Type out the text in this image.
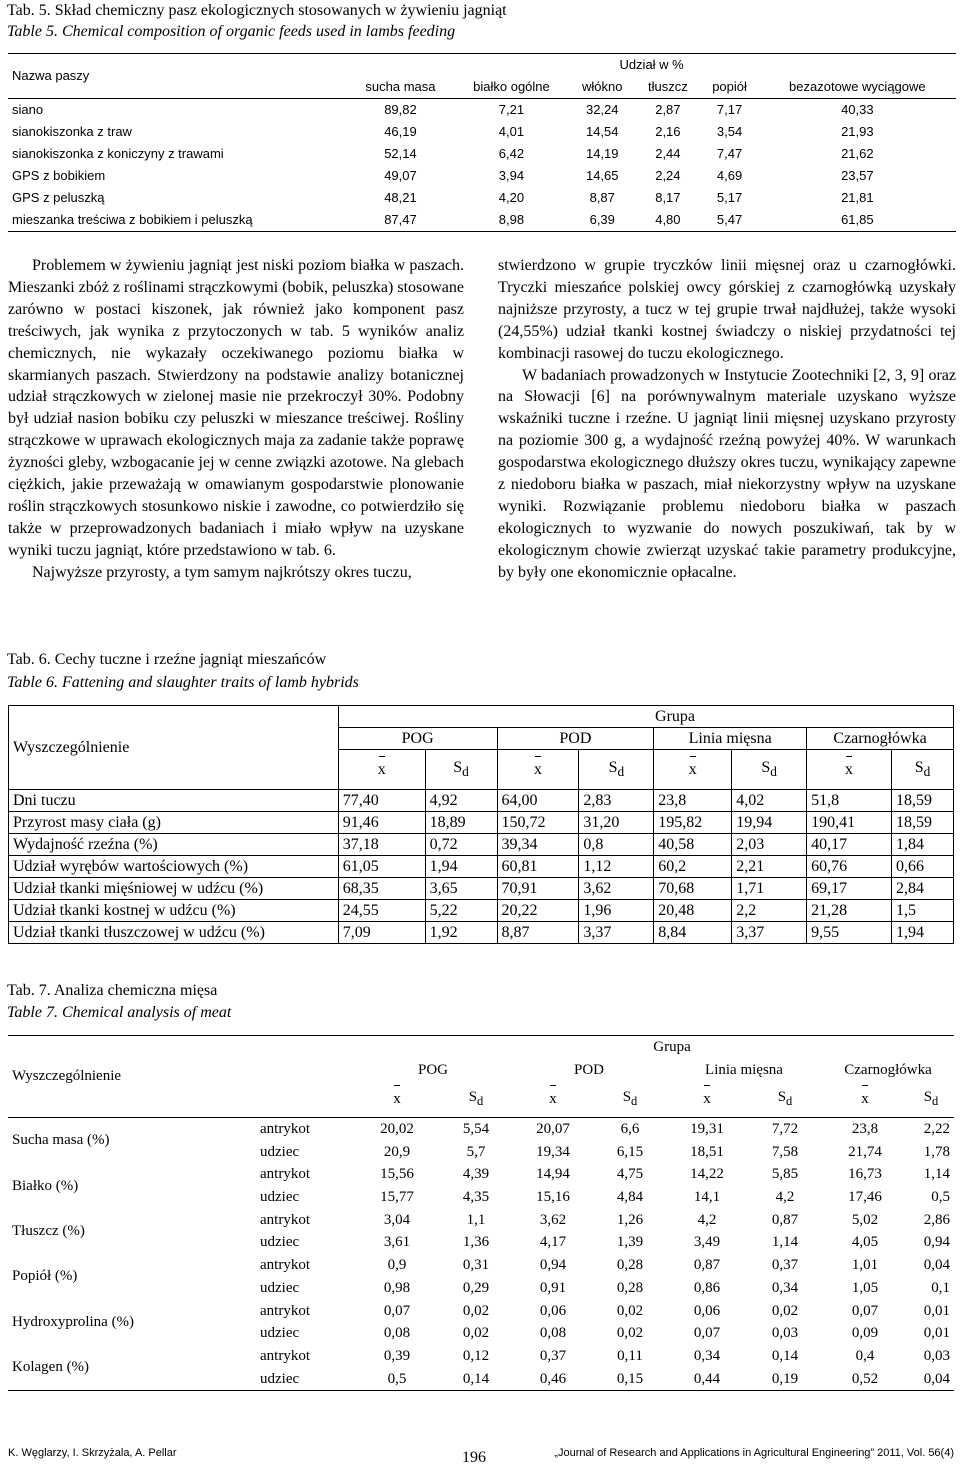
Tab. 5. Skład chemiczny pasz ekologicznych stosowanych w żywieniu jagniąt
Table 5. Chemical composition of organic feeds used in lambs feeding
Nazwa paszy	Udział w %					
	sucha masa	białko ogólne	włókno	tłuszcz	popiół	bezazotowe wyciągowe
siano	89,82	7,21	32,24	2,87	7,17	40,33
sianokiszonka z traw	46,19	4,01	14,54	2,16	3,54	21,93
sianokiszonka z koniczyny z trawami	52,14	6,42	14,19	2,44	7,47	21,62
GPS z bobikiem	49,07	3,94	14,65	2,24	4,69	23,57
GPS z peluszką	48,21	4,20	8,87	8,17	5,17	21,81
mieszanka treściwa z bobikiem i peluszką	87,47	8,98	6,39	4,80	5,47	61,85

Problemem w żywieniu jagniąt jest niski poziom białka w paszach. Mieszanki zbóż z roślinami strączkowymi (bobik, peluszka) stosowane zarówno w postaci kiszonek, jak również jako komponent pasz treściwych, jak wynika z przytoczonych w tab. 5 wyników analiz chemicznych, nie wykazały oczekiwanego poziomu białka w skarmianych paszach. Stwierdzony na podstawie analizy botanicznej udział strączkowych w zielonej masie nie przekroczył 30%. Podobny był udział nasion bobiku czy peluszki w mieszance treściwej. Rośliny strączkowe w uprawach ekologicznych maja za zadanie także poprawę żyzności gleby, wzbogacanie jej w cenne związki azotowe. Na glebach ciężkich, jakie przeważają w omawianym gospodarstwie plonowanie roślin strączkowych stosunkowo niskie i zawodne, co potwierdziło się także w przeprowadzonych badaniach i miało wpływ na uzyskane wyniki tuczu jagniąt, które przedstawiono w tab. 6.

Najwyższe przyrosty, a tym samym najkrótszy okres tuczu,

stwierdzono w grupie tryczków linii mięsnej oraz u czarnogłówki. Tryczki mieszańce polskiej owcy górskiej z czarnogłówką uzyskały najniższe przyrosty, a tucz w tej grupie trwał najdłużej, także wysoki (24,55%) udział tkanki kostnej świadczy o niskiej przydatności tej kombinacji rasowej do tuczu ekologicznego.

W badaniach prowadzonych w Instytucie Zootechniki [2, 3, 9] oraz na Słowacji [6] na porównywalnym materiale uzyskano wyższe wskaźniki tuczne i rzeźne. U jagniąt linii mięsnej uzyskano przyrosty na poziomie 300 g, a wydajność rzeźną powyżej 40%. W warunkach gospodarstwa ekologicznego dłuższy okres tuczu, wynikający zapewne z niedoboru białka w paszach, miał niekorzystny wpływ na uzyskane wyniki. Rozwiązanie problemu niedoboru białka w paszach ekologicznych to wyzwanie do nowych poszukiwań, tak by w ekologicznym chowie zwierząt uzyskać takie parametry produkcyjne, by były one ekonomicznie opłacalne.

Tab. 6. Cechy tuczne i rzeźne jagniąt mieszańców
Table 6. Fattening and slaughter traits of lamb hybrids
Wyszczególnienie	Grupa							
	POG		POD		Linia mięsna		Czarnogłówka	
	x	$S_d$	x	$S_d$	x	$S_d$	x	$S_d$
Dni tuczu	77,40	4,92	64,00	2,83	23,8	4,02	51,8	18,59
Przyrost masy ciała (g)	91,46	18,89	150,72	31,20	195,82	19,94	190,41	18,59
Wydajność rzeźna (%)	37,18	0,72	39,34	0,8	40,58	2,03	40,17	1,84
Udział wyrębów wartościowych (%)	61,05	1,94	60,81	1,12	60,2	2,21	60,76	0,66
Udział tkanki mięśniowej w udźcu (%)	68,35	3,65	70,91	3,62	70,68	1,71	69,17	2,84
Udział tkanki kostnej w udźcu (%)	24,55	5,22	20,22	1,96	20,48	2,2	21,28	1,5
Udział tkanki tłuszczowej w udźcu (%)	7,09	1,92	8,87	3,37	8,84	3,37	9,55	1,94
Tab. 7. Analiza chemiczna mięsa
Table 7. Chemical analysis of meat
Wyszczególnienie		Grupa							
		POG		POD		Linia mięsna		Czarnogłówka	
		x	$S_d$	x	$S_d$	x	$S_d$	x	$S_d$
Sucha masa (%)	antrykot	20,02	5,54	20,07	6,6	19,31	7,72	23,8	2,22
	udziec	20,9	5,7	19,34	6,15	18,51	7,58	21,74	1,78
Białko (%)	antrykot	15,56	4,39	14,94	4,75	14,22	5,85	16,73	1,14
	udziec	15,77	4,35	15,16	4,84	14,1	4,2	17,46	0,5
Tłuszcz (%)	antrykot	3,04	1,1	3,62	1,26	4,2	0,87	5,02	2,86
	udziec	3,61	1,36	4,17	1,39	3,49	1,14	4,05	0,94
Popiół (%)	antrykot	0,9	0,31	0,94	0,28	0,87	0,37	1,01	0,04
	udziec	0,98	0,29	0,91	0,28	0,86	0,34	1,05	0,1
Hydroxyprolina (%)	antrykot	0,07	0,02	0,06	0,02	0,06	0,02	0,07	0,01
	udziec	0,08	0,02	0,08	0,02	0,07	0,03	0,09	0,01
Kolagen (%)	antrykot	0,39	0,12	0,37	0,11	0,34	0,14	0,4	0,03
	udziec	0,5	0,14	0,46	0,15	0,44	0,19	0,52	0,04
K. Węglarzy, I. Skrzyżala, A. Pellar	196	„Journal of Research and Applications in Agricultural Engineering” 2011, Vol. 56(4)
